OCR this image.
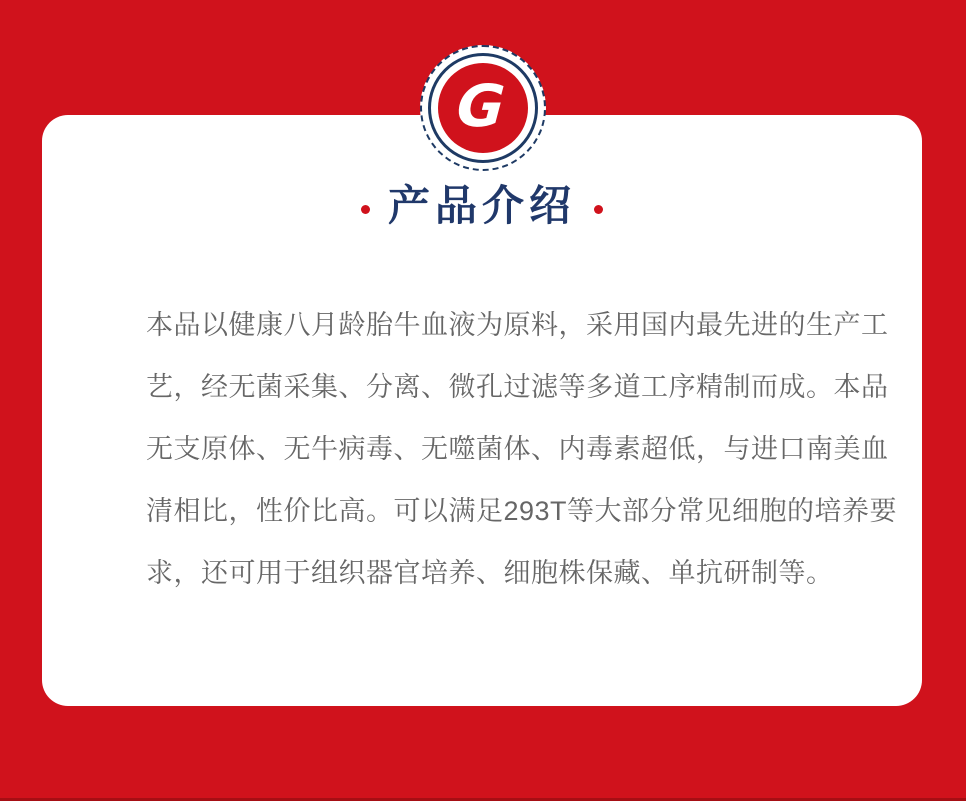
G
产品介绍
本品以健康八月龄胎牛血液为原料，采用国内最先进的生产工
艺，经无菌采集、分离、微孔过滤等多道工序精制而成。本品
无支原体、无牛病毒、无噬菌体、内毒素超低，与进口南美血
清相比，性价比高。可以满足293T等大部分常见细胞的培养要
求，还可用于组织器官培养、细胞株保藏、单抗研制等。
